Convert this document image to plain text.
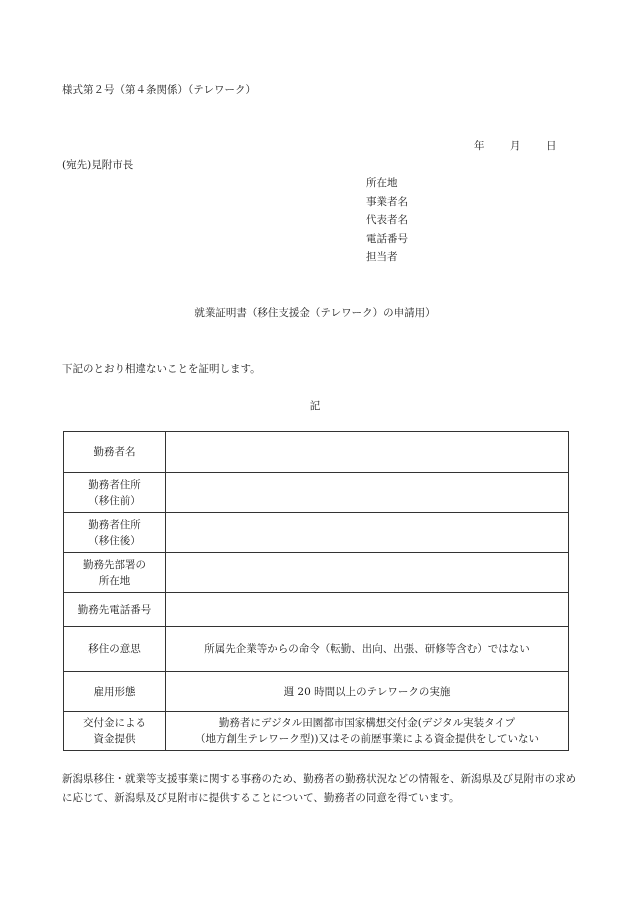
様式第２号（第４条関係）（テレワーク）
年 月 日
(宛先)見附市長
所在地
事業者名
代表者名
電話番号
担当者
就業証明書（移住支援金（テレワーク）の申請用）
下記のとおり相違ないことを証明します。
記
勤務者名

勤務者住所
（移住前）	

勤務者住所
（移住後）	

勤務先部署の
所在地	

勤務先電話番号

移住の意思	所属先企業等からの命令（転勤、出向、出張、研修等含む）ではない

雇用形態	週 20 時間以上のテレワークの実施

交付金による
資金提供	勤務者にデジタル田園都市国家構想交付金(デジタル実装タイプ
（地方創生テレワーク型))又はその前歴事業による資金提供をしていない
新潟県移住・就業等支援事業に関する事務のため、勤務者の勤務状況などの情報を、新潟県及び見附市の求めに応じて、新潟県及び見附市に提供することについて、勤務者の同意を得ています。
